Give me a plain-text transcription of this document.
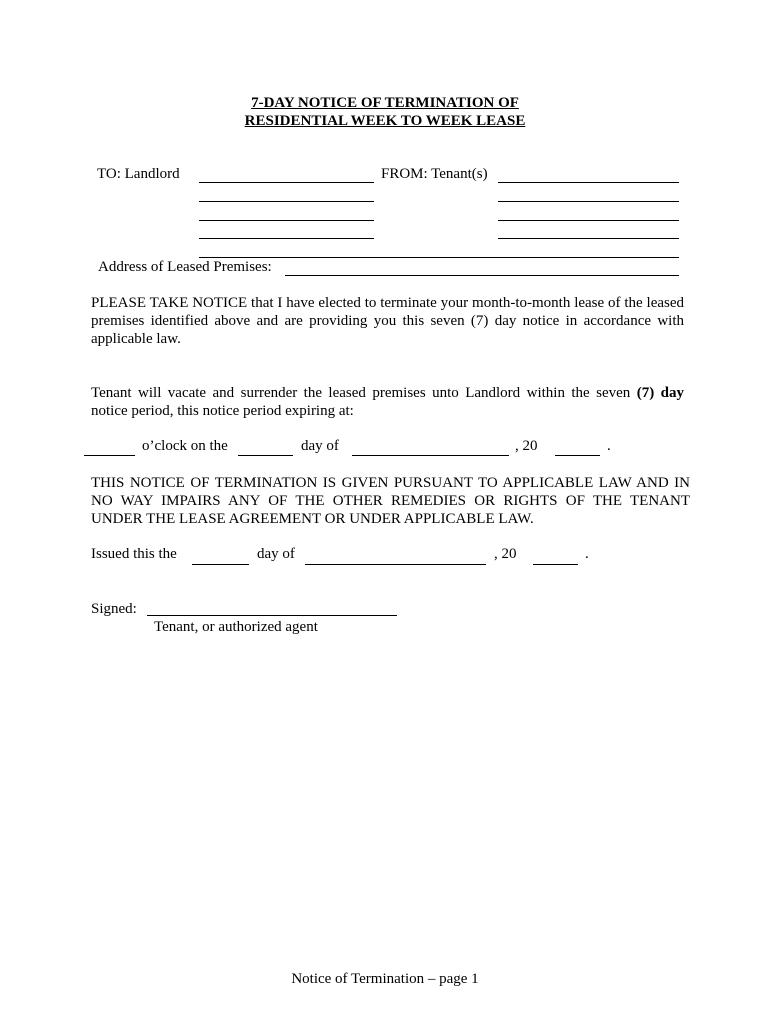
7-DAY NOTICE OF TERMINATION OF
RESIDENTIAL WEEK TO WEEK LEASE
TO: Landlord	FROM: Tenant(s)
Address of Leased Premises:
PLEASE TAKE NOTICE that I have elected to terminate your month-to-month lease of the leased premises identified above and are providing you this seven (7) day notice in accordance with applicable law.
Tenant will vacate and surrender the leased premises unto Landlord within the seven (7) day notice period, this notice period expiring at:
o’clock on the	day of	, 20	.
THIS NOTICE OF TERMINATION IS GIVEN PURSUANT TO APPLICABLE LAW AND IN NO WAY IMPAIRS ANY OF THE OTHER REMEDIES OR RIGHTS OF THE TENANT UNDER THE LEASE AGREEMENT OR UNDER APPLICABLE LAW.
Issued this the	day of	, 20	.
Signed:
Tenant, or authorized agent
Notice of Termination – page 1
